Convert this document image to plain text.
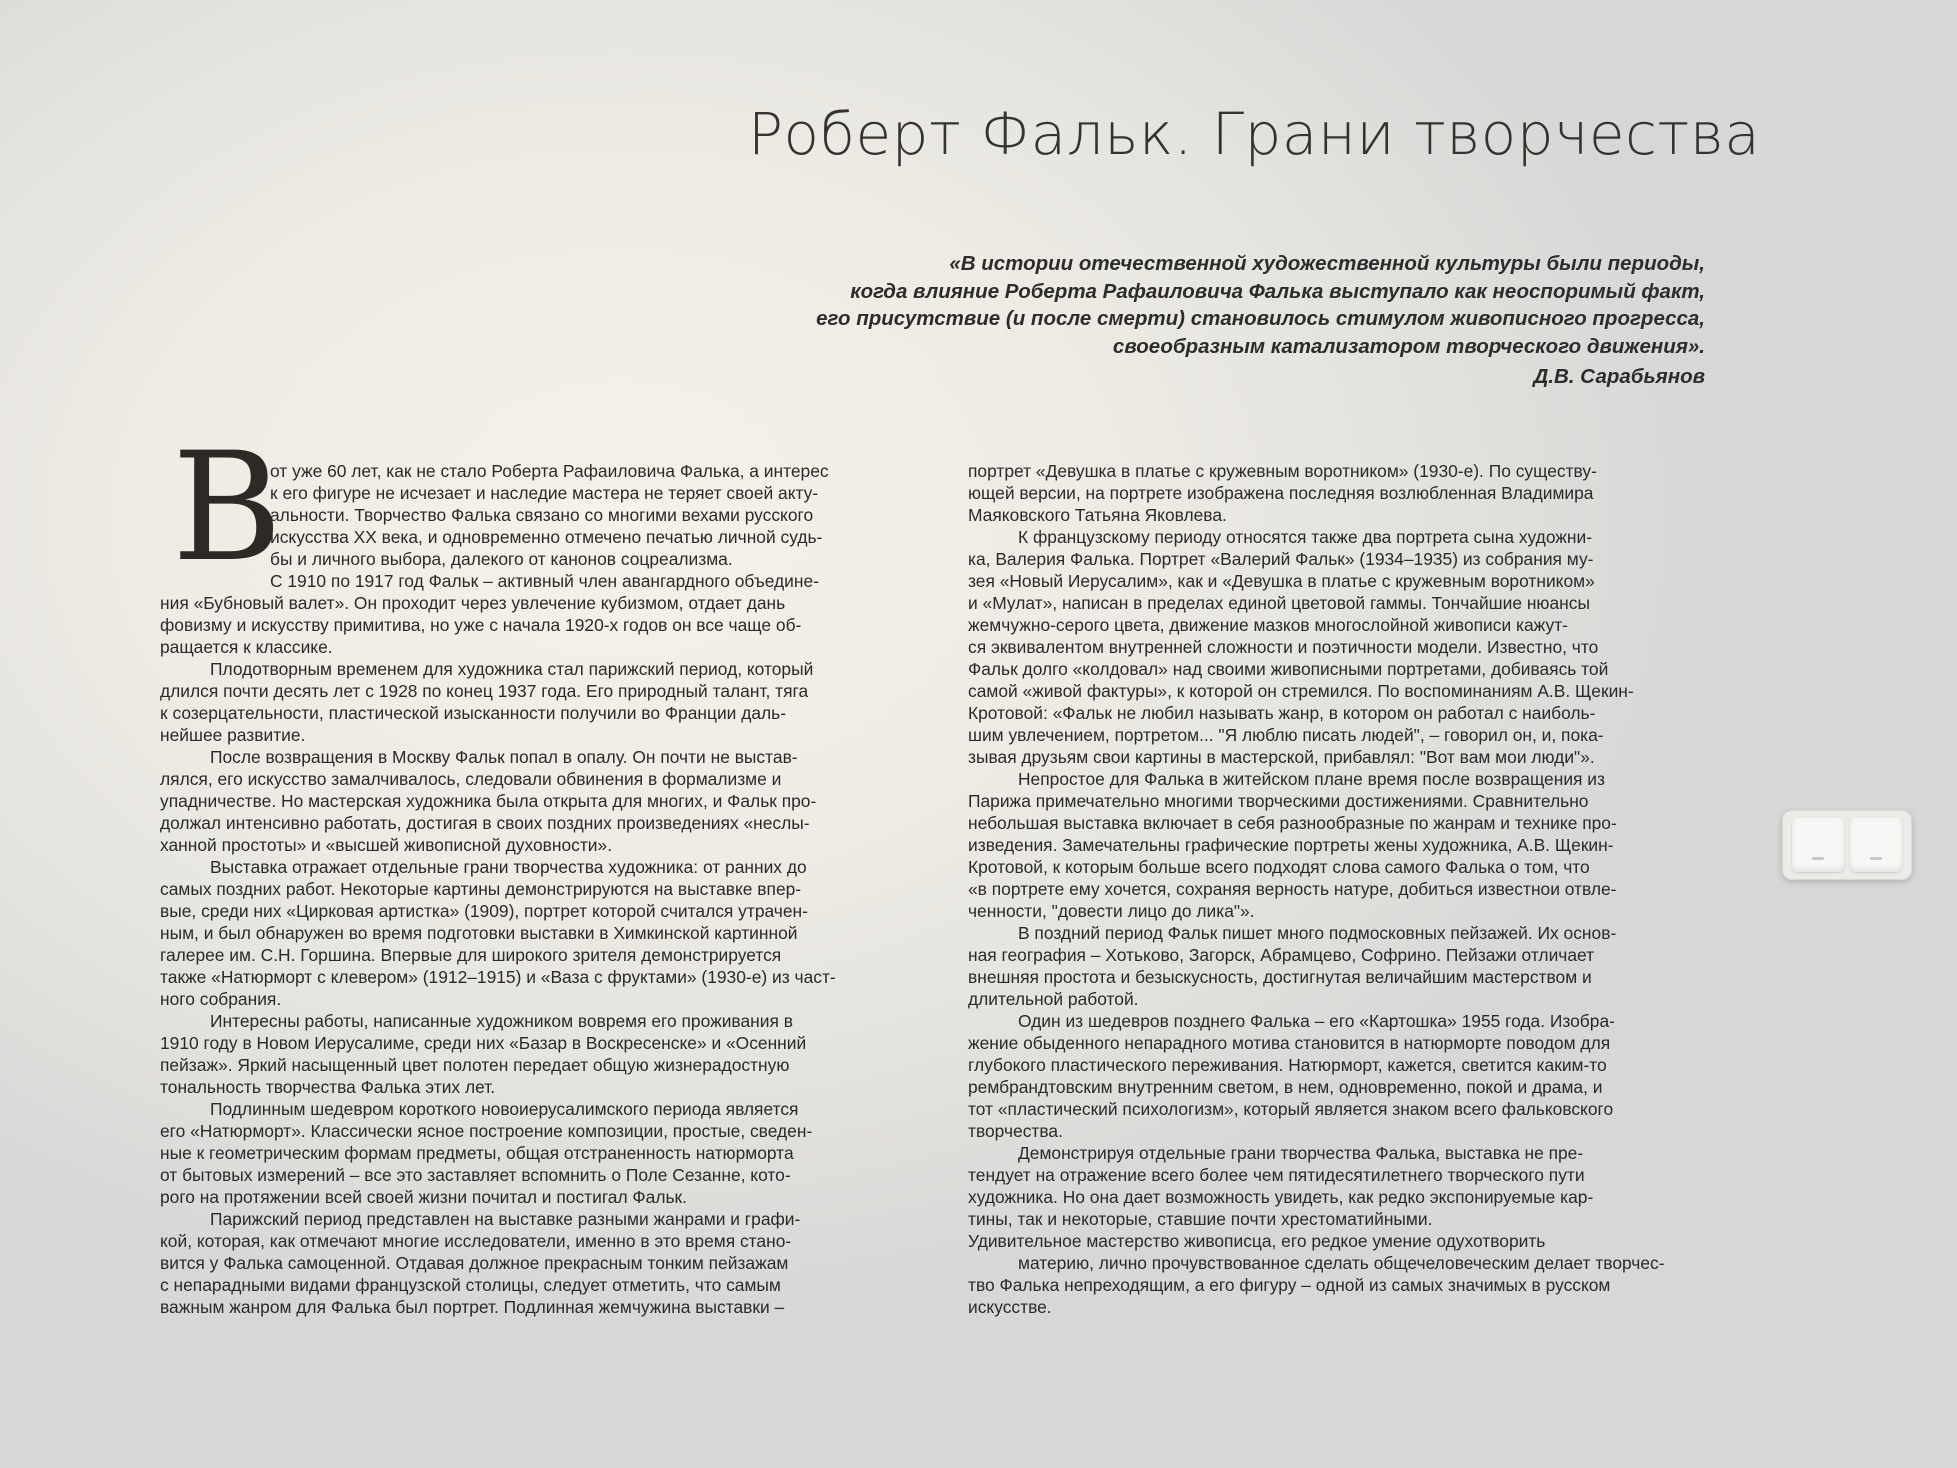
Роберт Фальк. Грани творчества
«В истории отечественной художественной культуры были периоды,
когда влияние Роберта Рафаиловича Фалька выступало как неоспоримый факт,
его присутствие (и после смерти) становилось стимулом живописного прогресса,
своеобразным катализатором творческого движения».
Д.В. Сарабьянов
В
от уже 60 лет, как не стало Роберта Рафаиловича Фалька, а интерес
к его фигуре не исчезает и наследие мастера не теряет своей акту-
альности. Творчество Фалька связано со многими вехами русского
искусства XX века, и одновременно отмечено печатью личной судь-
бы и личного выбора, далекого от канонов соцреализма.
С 1910 по 1917 год Фальк – активный член авангардного объедине-
ния «Бубновый валет». Он проходит через увлечение кубизмом, отдает дань
фовизму и искусству примитива, но уже с начала 1920-х годов он все чаще об-
ращается к классике.
Плодотворным временем для художника стал парижский период, который
длился почти десять лет с 1928 по конец 1937 года. Его природный талант, тяга
к созерцательности, пластической изысканности получили во Франции даль-
нейшее развитие.
После возвращения в Москву Фальк попал в опалу. Он почти не выстав-
лялся, его искусство замалчивалось, следовали обвинения в формализме и
упадничестве. Но мастерская художника была открыта для многих, и Фальк про-
должал интенсивно работать, достигая в своих поздних произведениях «неслы-
ханной простоты» и «высшей живописной духовности».
Выставка отражает отдельные грани творчества художника: от ранних до
самых поздних работ. Некоторые картины демонстрируются на выставке впер-
вые, среди них «Цирковая артистка» (1909), портрет которой считался утрачен-
ным, и был обнаружен во время подготовки выставки в Химкинской картинной
галерее им. С.Н. Горшина. Впервые для широкого зрителя демонстрируется
также «Натюрморт с клевером» (1912–1915) и «Ваза с фруктами» (1930-е) из част-
ного собрания.
Интересны работы, написанные художником вовремя его проживания в
1910 году в Новом Иерусалиме, среди них «Базар в Воскресенске» и «Осенний
пейзаж». Яркий насыщенный цвет полотен передает общую жизнерадостную
тональность творчества Фалька этих лет.
Подлинным шедевром короткого новоиерусалимского периода является
его «Натюрморт». Классически ясное построение композиции, простые, сведен-
ные к геометрическим формам предметы, общая отстраненность натюрморта
от бытовых измерений – все это заставляет вспомнить о Поле Сезанне, кото-
рого на протяжении всей своей жизни почитал и постигал Фальк.
Парижский период представлен на выставке разными жанрами и графи-
кой, которая, как отмечают многие исследователи, именно в это время стано-
вится у Фалька самоценной. Отдавая должное прекрасным тонким пейзажам
с непарадными видами французской столицы, следует отметить, что самым
важным жанром для Фалька был портрет. Подлинная жемчужина выставки –
портрет «Девушка в платье с кружевным воротником» (1930-е). По существу-
ющей версии, на портрете изображена последняя возлюбленная Владимира
Маяковского Татьяна Яковлева.
К французскому периоду относятся также два портрета сына художни-
ка, Валерия Фалька. Портрет «Валерий Фальк» (1934–1935) из собрания му-
зея «Новый Иерусалим», как и «Девушка в платье с кружевным воротником»
и «Мулат», написан в пределах единой цветовой гаммы. Тончайшие нюансы
жемчужно-серого цвета, движение мазков многослойной живописи кажут-
ся эквивалентом внутренней сложности и поэтичности модели. Известно, что
Фальк долго «колдовал» над своими живописными портретами, добиваясь той
самой «живой фактуры», к которой он стремился. По воспоминаниям А.В. Щекин-
Кротовой: «Фальк не любил называть жанр, в котором он работал с наиболь-
шим увлечением, портретом... "Я люблю писать людей", – говорил он, и, пока-
зывая друзьям свои картины в мастерской, прибавлял: "Вот вам мои люди"».
Непростое для Фалька в житейском плане время после возвращения из
Парижа примечательно многими творческими достижениями. Сравнительно
небольшая выставка включает в себя разнообразные по жанрам и технике про-
изведения. Замечательны графические портреты жены художника, А.В. Щекин-
Кротовой, к которым больше всего подходят слова самого Фалька о том, что
«в портрете ему хочется, сохраняя верность натуре, добиться известнои отвле-
ченности, "довести лицо до лика"».
В поздний период Фальк пишет много подмосковных пейзажей. Их основ-
ная география – Хотьково, Загорск, Абрамцево, Софрино. Пейзажи отличает
внешняя простота и безыскусность, достигнутая величайшим мастерством и
длительной работой.
Один из шедевров позднего Фалька – его «Картошка» 1955 года. Изобра-
жение обыденного непарадного мотива становится в натюрморте поводом для
глубокого пластического переживания. Натюрморт, кажется, светится каким-то
рембрандтовским внутренним светом, в нем, одновременно, покой и драма, и
тот «пластический психологизм», который является знаком всего фальковского
творчества.
Демонстрируя отдельные грани творчества Фалька, выставка не пре-
тендует на отражение всего более чем пятидесятилетнего творческого пути
художника. Но она дает возможность увидеть, как редко экспонируемые кар-
тины, так и некоторые, ставшие почти хрестоматийными.
Удивительное мастерство живописца, его редкое умение одухотворить
материю, лично прочувствованное сделать общечеловеческим делает творчес-
тво Фалька непреходящим, а его фигуру – одной из самых значимых в русском
искусстве.
